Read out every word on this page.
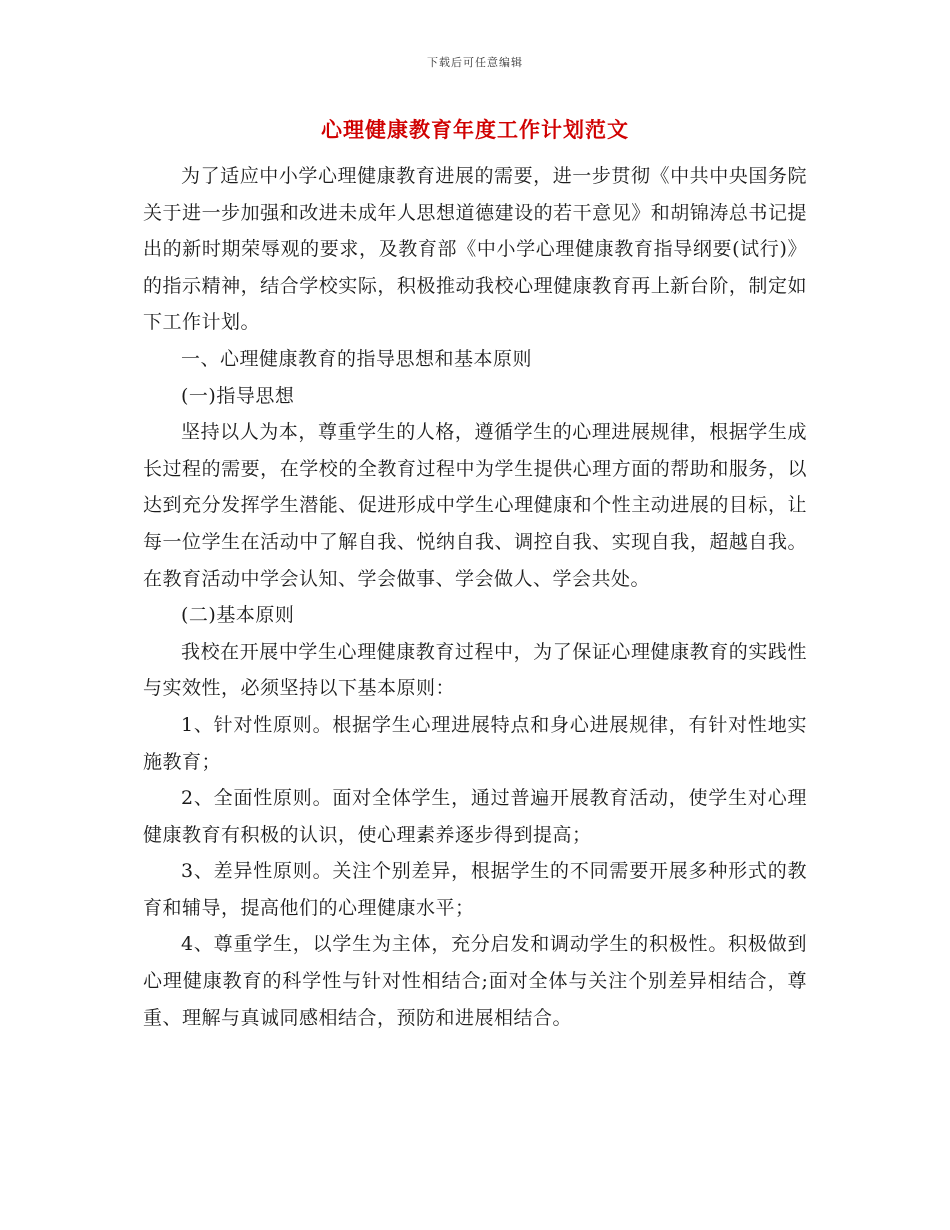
下载后可任意编辑
心理健康教育年度工作计划范文

为了适应中小学心理健康教育进展的需要，进一步贯彻《中共中央国务院关于进一步加强和改进未成年人思想道德建设的若干意见》和胡锦涛总书记提出的新时期荣辱观的要求，及教育部《中小学心理健康教育指导纲要(试行)》的指示精神，结合学校实际，积极推动我校心理健康教育再上新台阶，制定如下工作计划。

一、心理健康教育的指导思想和基本原则

(一)指导思想

坚持以人为本，尊重学生的人格，遵循学生的心理进展规律，根据学生成长过程的需要，在学校的全教育过程中为学生提供心理方面的帮助和服务，以达到充分发挥学生潜能、促进形成中学生心理健康和个性主动进展的目标，让每一位学生在活动中了解自我、悦纳自我、调控自我、实现自我，超越自我。在教育活动中学会认知、学会做事、学会做人、学会共处。

(二)基本原则

我校在开展中学生心理健康教育过程中，为了保证心理健康教育的实践性与实效性，必须坚持以下基本原则：

1、针对性原则。根据学生心理进展特点和身心进展规律，有针对性地实施教育；

2、全面性原则。面对全体学生，通过普遍开展教育活动，使学生对心理健康教育有积极的认识，使心理素养逐步得到提高；

3、差异性原则。关注个别差异，根据学生的不同需要开展多种形式的教育和辅导，提高他们的心理健康水平；

4、尊重学生，以学生为主体，充分启发和调动学生的积极性。积极做到心理健康教育的科学性与针对性相结合;面对全体与关注个别差异相结合，尊重、理解与真诚同感相结合，预防和进展相结合。
